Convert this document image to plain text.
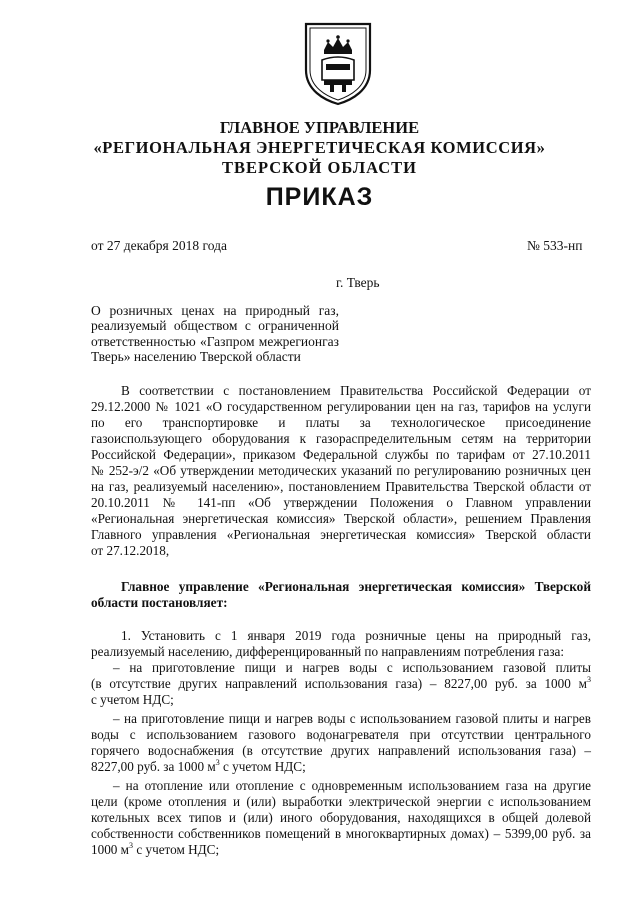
ГЛАВНОЕ УПРАВЛЕНИЕ
«РЕГИОНАЛЬНАЯ ЭНЕРГЕТИЧЕСКАЯ КОМИССИЯ»
ТВЕРСКОЙ ОБЛАСТИ
ПРИКАЗ
от 27 декабря 2018 года	№ 533-нп
г. Тверь
О розничных ценах на природный газ,
реализуемый обществом с ограниченной
ответственностью «Газпром межрегионгаз
Тверь» населению Тверской области
В соответствии с постановлением Правительства Российской Федерации от
29.12.2000 № 1021 «О государственном регулировании цен на газ, тарифов на услуги
по его транспортировке и платы за технологическое присоединение
газоиспользующего оборудования к газораспределительным сетям на территории
Российской Федерации», приказом Федеральной службы по тарифам от 27.10.2011
№ 252-э/2 «Об утверждении методических указаний по регулированию розничных цен
на газ, реализуемый населению», постановлением Правительства Тверской области от
20.10.2011 № 141-пп «Об утверждении Положения о Главном управлении
«Региональная энергетическая комиссия» Тверской области», решением Правления
Главного управления «Региональная энергетическая комиссия» Тверской области
от 27.12.2018,
Главное управление «Региональная энергетическая комиссия» Тверской
области постановляет:
1. Установить с 1 января 2019 года розничные цены на природный газ,
реализуемый населению, дифференцированный по направлениям потребления газа:
– на приготовление пищи и нагрев воды с использованием газовой плиты
(в отсутствие других направлений использования газа) – 8227,00 руб. за 1000 $м^3$
с учетом НДС;
– на приготовление пищи и нагрев воды с использованием газовой плиты и нагрев
воды с использованием газового водонагревателя при отсутствии центрального
горячего водоснабжения (в отсутствие других направлений использования газа) –
8227,00 руб. за 1000 $м^3$ с учетом НДС;
– на отопление или отопление с одновременным использованием газа на другие
цели (кроме отопления и (или) выработки электрической энергии с использованием
котельных всех типов и (или) иного оборудования, находящихся в общей долевой
собственности собственников помещений в многоквартирных домах) – 5399,00 руб. за
1000 $м^3$ с учетом НДС;
